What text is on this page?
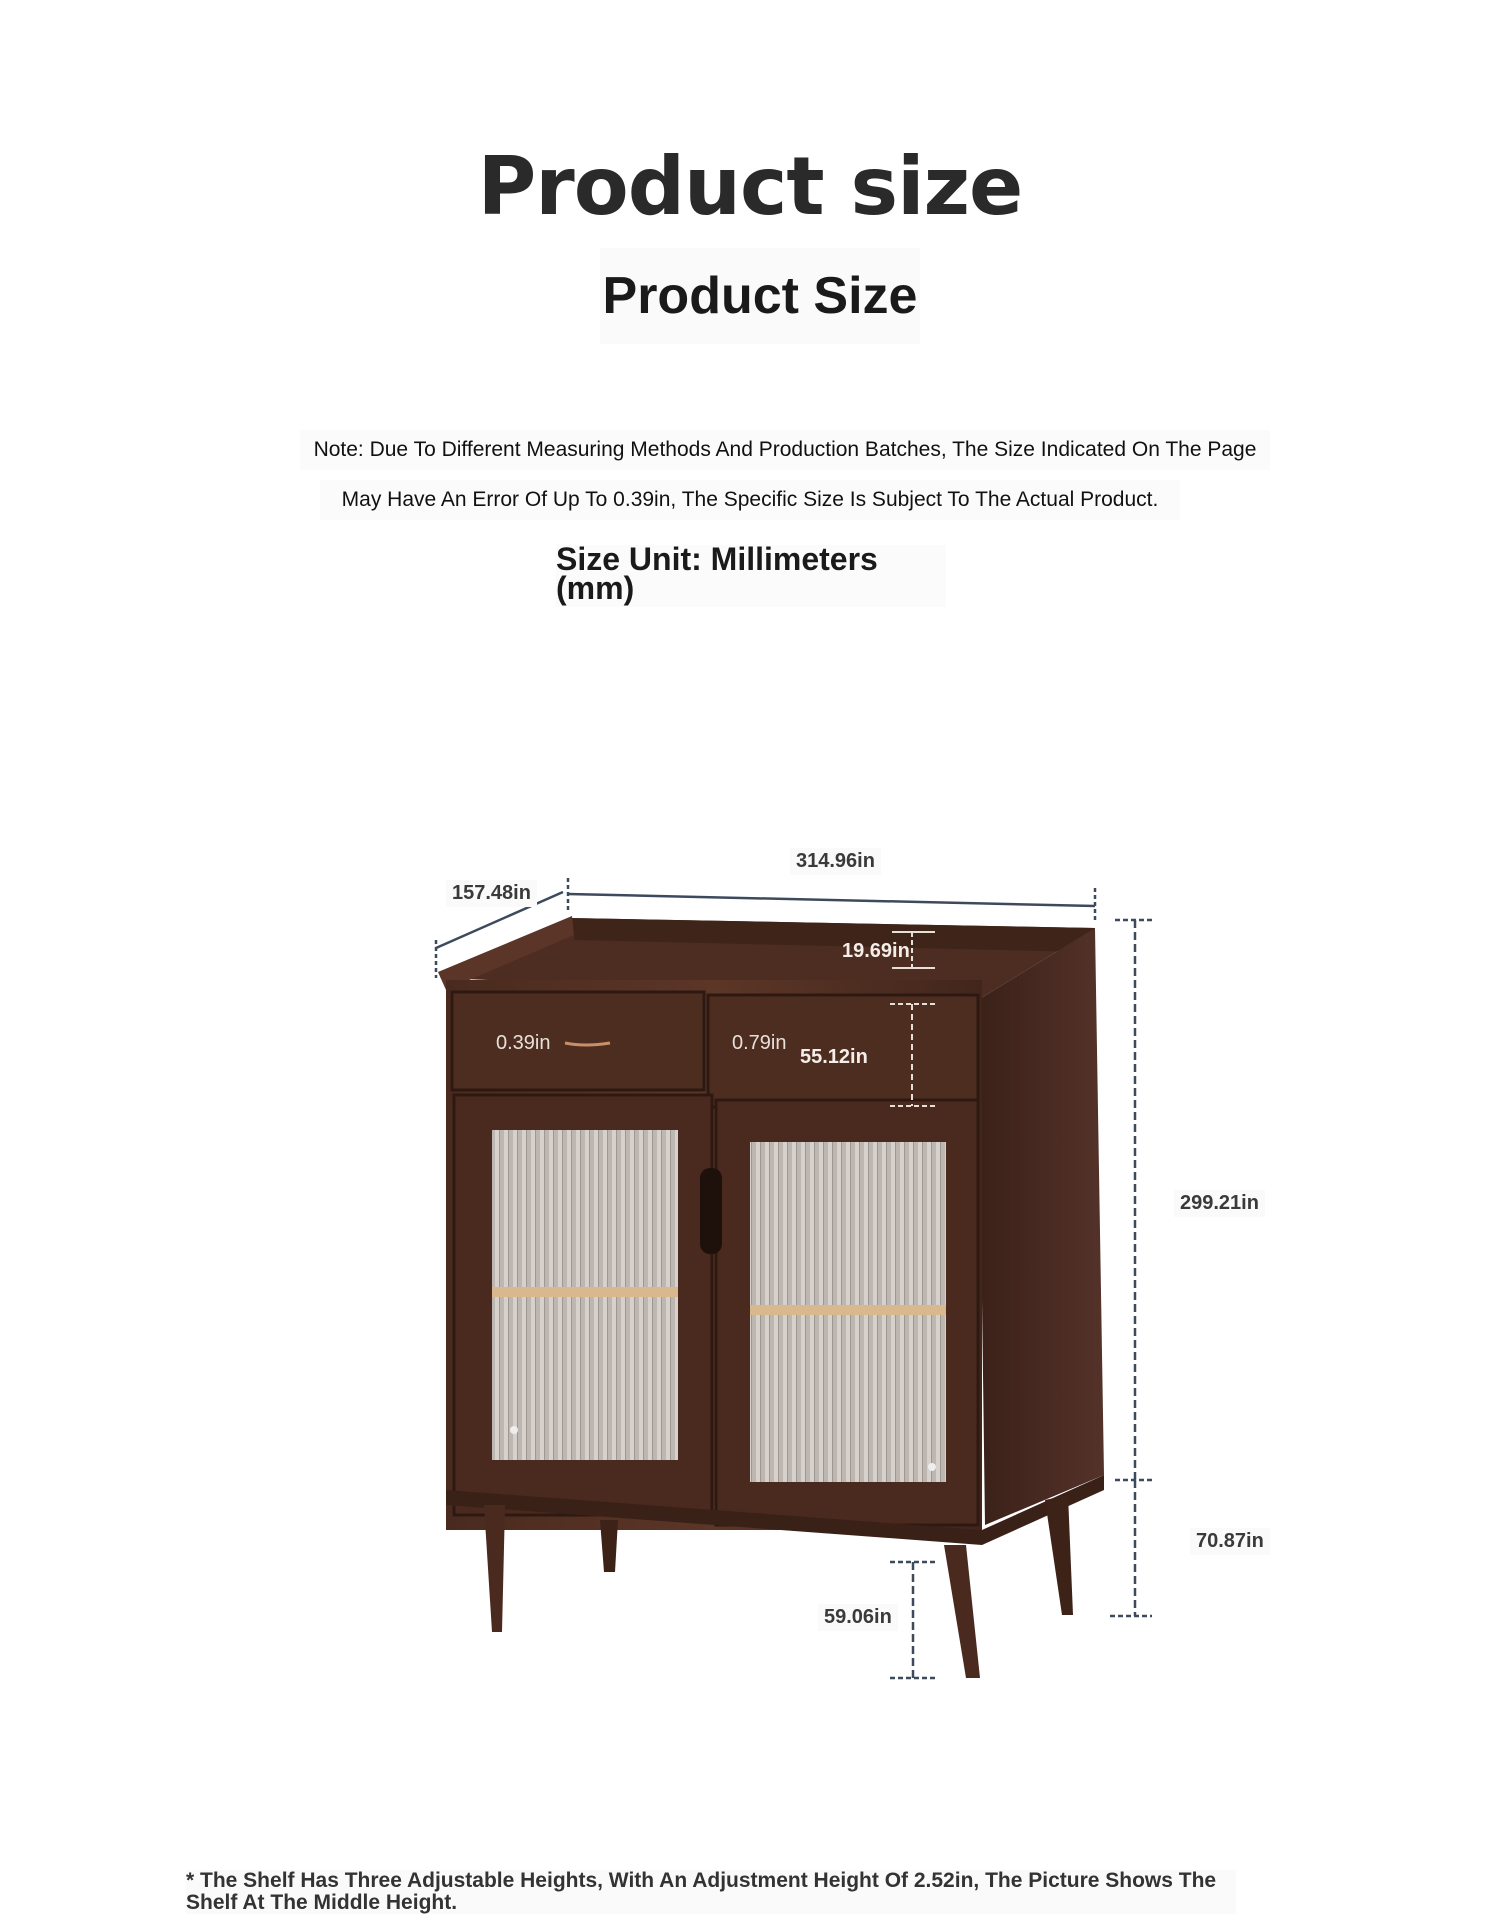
Product size
Product Size
Note: Due To Different Measuring Methods And Production Batches, The Size Indicated On The Page
May Have An Error Of Up To 0.39in, The Specific Size Is Subject To The Actual Product.
Size Unit: Millimeters (mm)
314.96in
157.48in
19.69in
0.39in	0.79in
55.12in
299.21in
70.87in
59.06in
* The Shelf Has Three Adjustable Heights, With An Adjustment Height Of 2.52in, The Picture Shows The Shelf At The Middle Height.
